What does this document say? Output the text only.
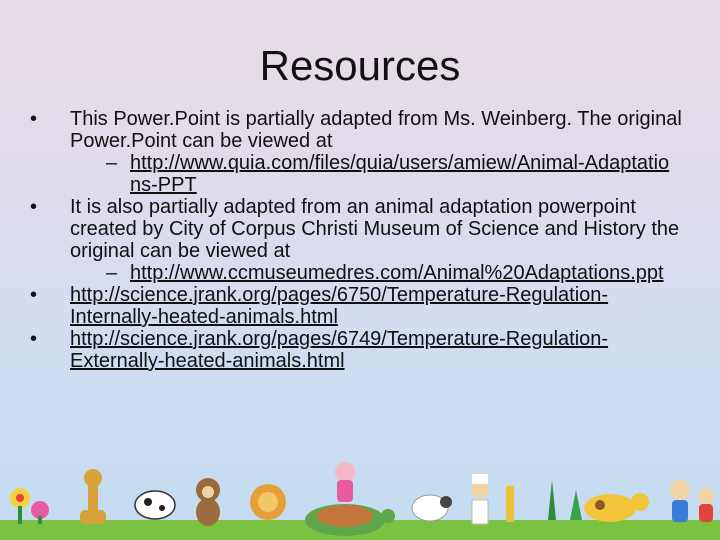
Resources

• This Power.Point is partially adapted from Ms. Weinberg. The original Power.Point can be viewed at

– http://www.quia.com/files/quia/users/amiew/Animal-Adaptations-PPT

• It is also partially adapted from an animal adaptation powerpoint created by City of Corpus Christi Museum of Science and History the original can be viewed at

– http://www.ccmuseumedres.com/Animal%20Adaptations.ppt

• http://science.jrank.org/pages/6750/Temperature-Regulation-Internally-heated-animals.html

• http://science.jrank.org/pages/6749/Temperature-Regulation-Externally-heated-animals.html
